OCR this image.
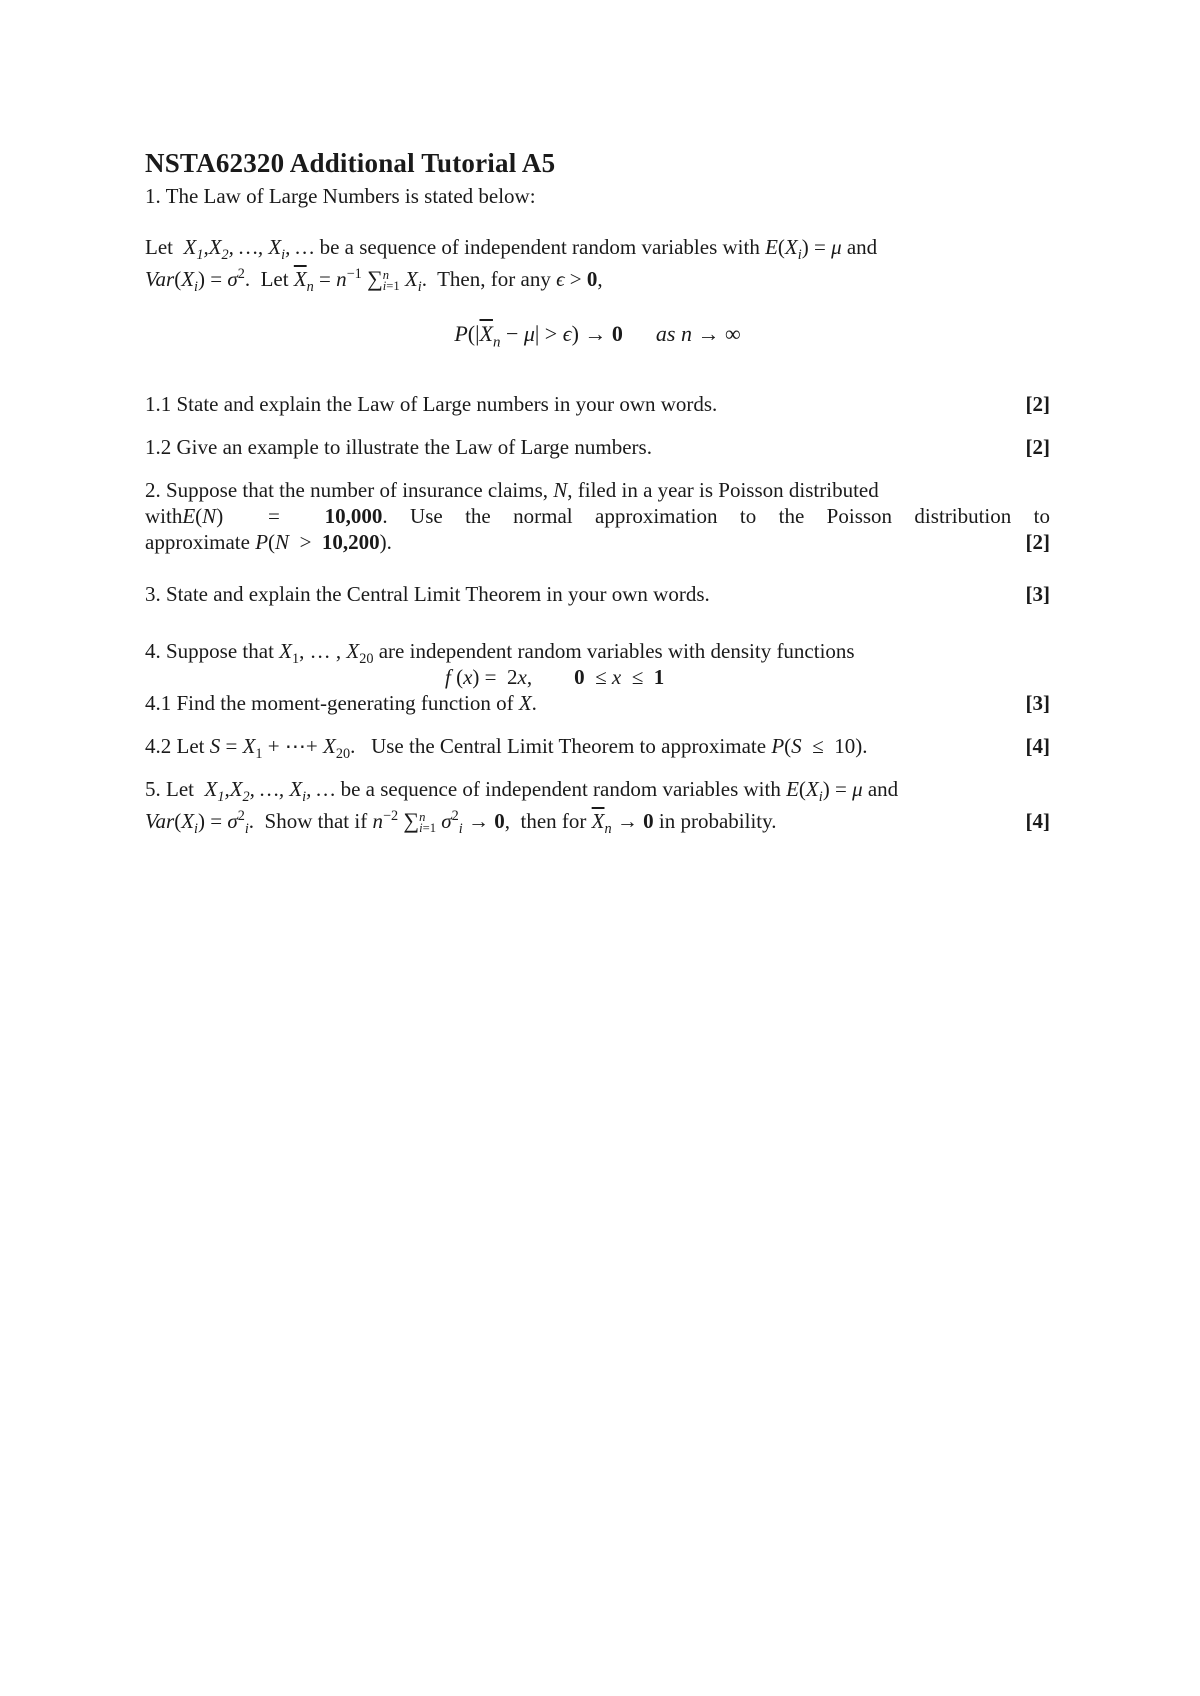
NSTA62320 Additional Tutorial A5
1. The Law of Large Numbers is stated below:
Let $X_1,X_2$, …, $X_i$, … be a sequence of independent random variables with $E(X_i) = \mu$ and
$Var(X_i) = \sigma^2$.  Let $\overline{X}_n = n^{-1}$ ∑n
i=1 $X_i$.  Then, for any ϵ > 0,
$P(|\overline{X}_n - \mu| > \epsilon) \to 0$ as n → ∞
1.1 State and explain the Law of Large numbers in your own words.	[2]
1.2 Give an example to illustrate the Law of Large numbers.	[2]
2. Suppose that the number of insurance claims, N, filed in a year is Poisson distributed
withE(N)  =  10,000. Use the normal approximation to the Poisson distribution to
approximate P(N  >  10,200).	[2]
3. State and explain the Central Limit Theorem in your own words.	[3]
4. Suppose that $X_1$, … , $X_{20}$ are independent random variables with density functions
f (x) =  2x,        0  ≤ x  ≤  1
4.1 Find the moment-generating function of X.	[3]
4.2 Let $S = X_1$ + ⋯+ $X_{20}$.   Use the Central Limit Theorem to approximate P(S  ≤  10).	[4]
5. Let $X_1,X_2$, …, $X_i$, … be a sequence of independent random variables with $E(X_i) = \mu$ and
$Var(X_i) = \sigma^2_i$.  Show that if $n^{-2}$ ∑n
i=1 $\sigma^2_i \to 0$,  then for $\overline{X}_n \to 0$ in probability.	[4]
